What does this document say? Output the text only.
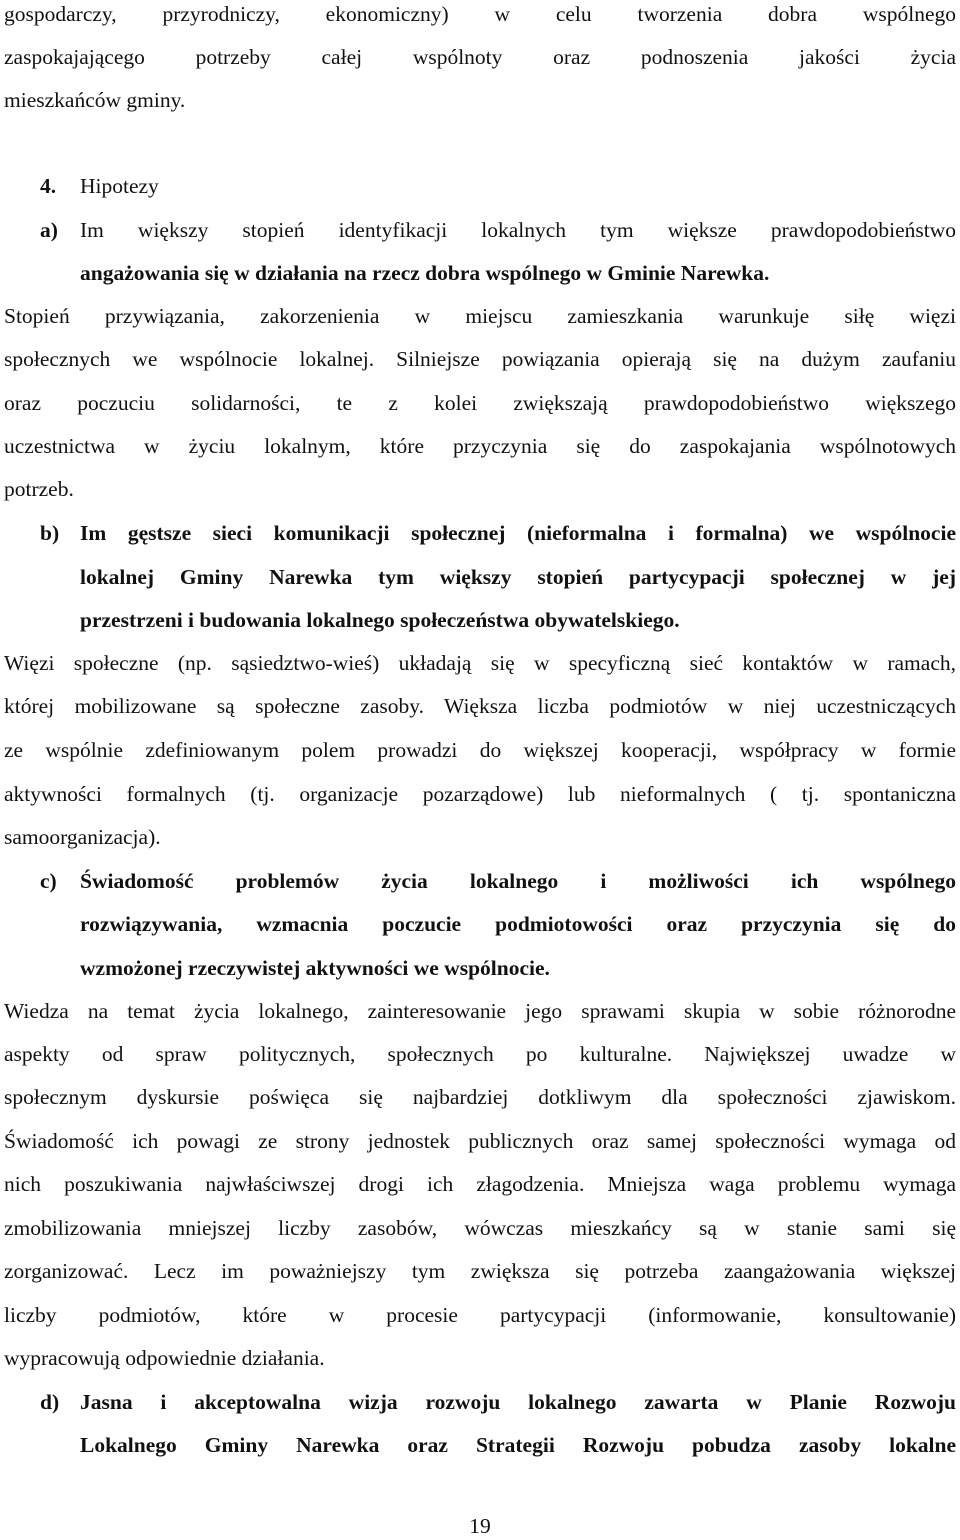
gospodarczy, przyrodniczy, ekonomiczny) w celu tworzenia dobra wspólnego
zaspokajającego potrzeby całej wspólnoty oraz podnoszenia jakości życia
mieszkańców gminy.
4. Hipotezy
a) Im większy stopień identyfikacji lokalnych tym większe prawdopodobieństwo
angażowania się w działania na rzecz dobra wspólnego w Gminie Narewka.
Stopień przywiązania, zakorzenienia w miejscu zamieszkania warunkuje siłę więzi
społecznych we wspólnocie lokalnej. Silniejsze powiązania opierają się na dużym zaufaniu
oraz poczuciu solidarności, te z kolei zwiększają prawdopodobieństwo większego
uczestnictwa w życiu lokalnym, które przyczynia się do zaspokajania wspólnotowych
potrzeb.
b) Im gęstsze sieci komunikacji społecznej (nieformalna i formalna) we wspólnocie
lokalnej Gminy Narewka tym większy stopień partycypacji społecznej w jej
przestrzeni i budowania lokalnego społeczeństwa obywatelskiego.
Więzi społeczne (np. sąsiedztwo-wieś) układają się w specyficzną sieć kontaktów w ramach,
której mobilizowane są społeczne zasoby. Większa liczba podmiotów w niej uczestniczących
ze wspólnie zdefiniowanym polem prowadzi do większej kooperacji, współpracy w formie
aktywności formalnych (tj. organizacje pozarządowe) lub nieformalnych ( tj. spontaniczna
samoorganizacja).
c) Świadomość problemów życia lokalnego i możliwości ich wspólnego
rozwiązywania, wzmacnia poczucie podmiotowości oraz przyczynia się do
wzmożonej rzeczywistej aktywności we wspólnocie.
Wiedza na temat życia lokalnego, zainteresowanie jego sprawami skupia w sobie różnorodne
aspekty od spraw politycznych, społecznych po kulturalne. Największej uwadze w
społecznym dyskursie poświęca się najbardziej dotkliwym dla społeczności zjawiskom.
Świadomość ich powagi ze strony jednostek publicznych oraz samej społeczności wymaga od
nich poszukiwania najwłaściwszej drogi ich złagodzenia. Mniejsza waga problemu wymaga
zmobilizowania mniejszej liczby zasobów, wówczas mieszkańcy są w stanie sami się
zorganizować. Lecz im poważniejszy tym zwiększa się potrzeba zaangażowania większej
liczby podmiotów, które w procesie partycypacji (informowanie, konsultowanie)
wypracowują odpowiednie działania.
d) Jasna i akceptowalna wizja rozwoju lokalnego zawarta w Planie Rozwoju
Lokalnego Gminy Narewka oraz Strategii Rozwoju pobudza zasoby lokalne
19
